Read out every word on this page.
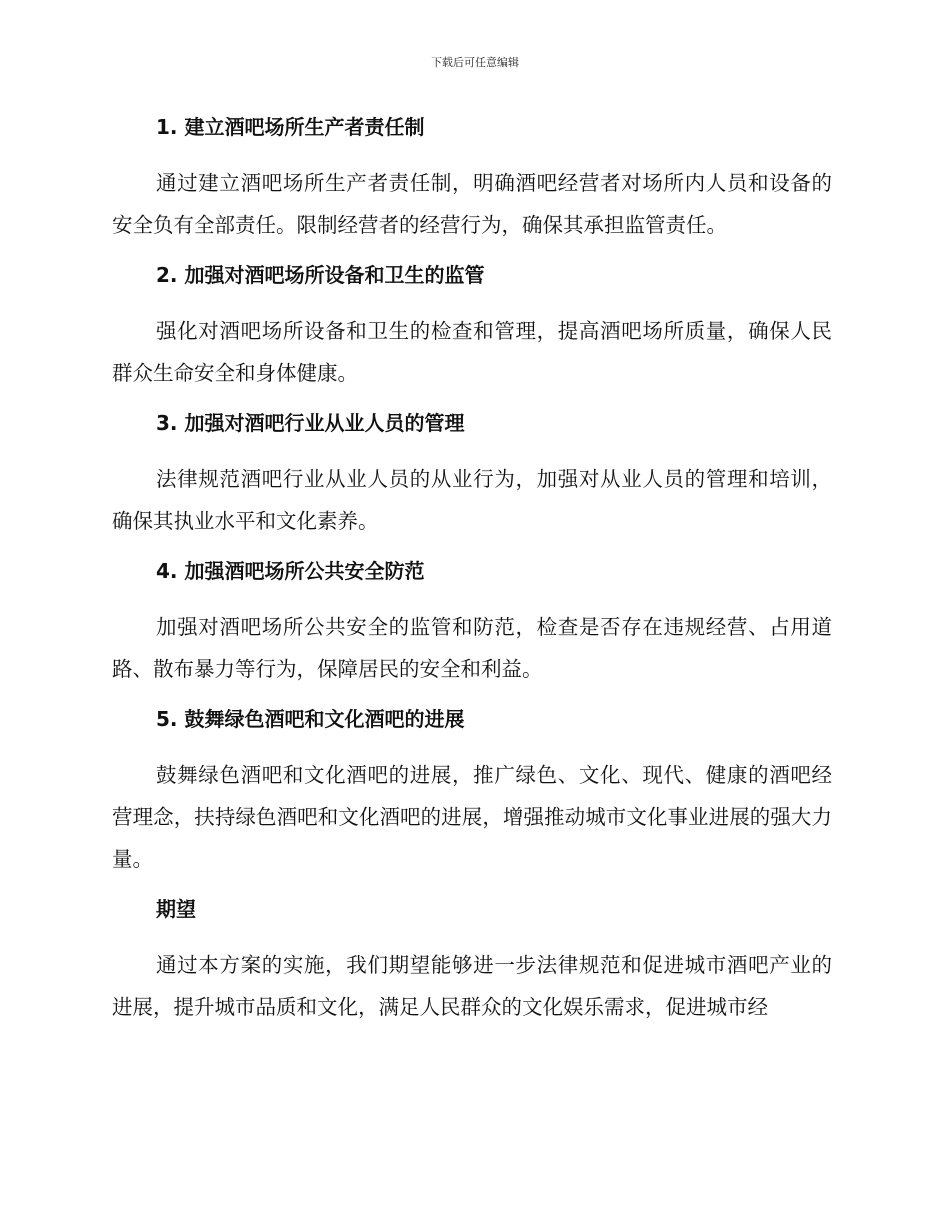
下载后可任意编辑
1. 建立酒吧场所生产者责任制

通过建立酒吧场所生产者责任制，明确酒吧经营者对场所内人员和设备的安全负有全部责任。限制经营者的经营行为，确保其承担监管责任。

2. 加强对酒吧场所设备和卫生的监管

强化对酒吧场所设备和卫生的检查和管理，提高酒吧场所质量，确保人民群众生命安全和身体健康。

3. 加强对酒吧行业从业人员的管理

法律规范酒吧行业从业人员的从业行为，加强对从业人员的管理和培训，确保其执业水平和文化素养。

4. 加强酒吧场所公共安全防范

加强对酒吧场所公共安全的监管和防范，检查是否存在违规经营、占用道路、散布暴力等行为，保障居民的安全和利益。

5. 鼓舞绿色酒吧和文化酒吧的进展

鼓舞绿色酒吧和文化酒吧的进展，推广绿色、文化、现代、健康的酒吧经营理念，扶持绿色酒吧和文化酒吧的进展，增强推动城市文化事业进展的强大力量。

期望

通过本方案的实施，我们期望能够进一步法律规范和促进城市酒吧产业的进展，提升城市品质和文化，满足人民群众的文化娱乐需求，促进城市经
